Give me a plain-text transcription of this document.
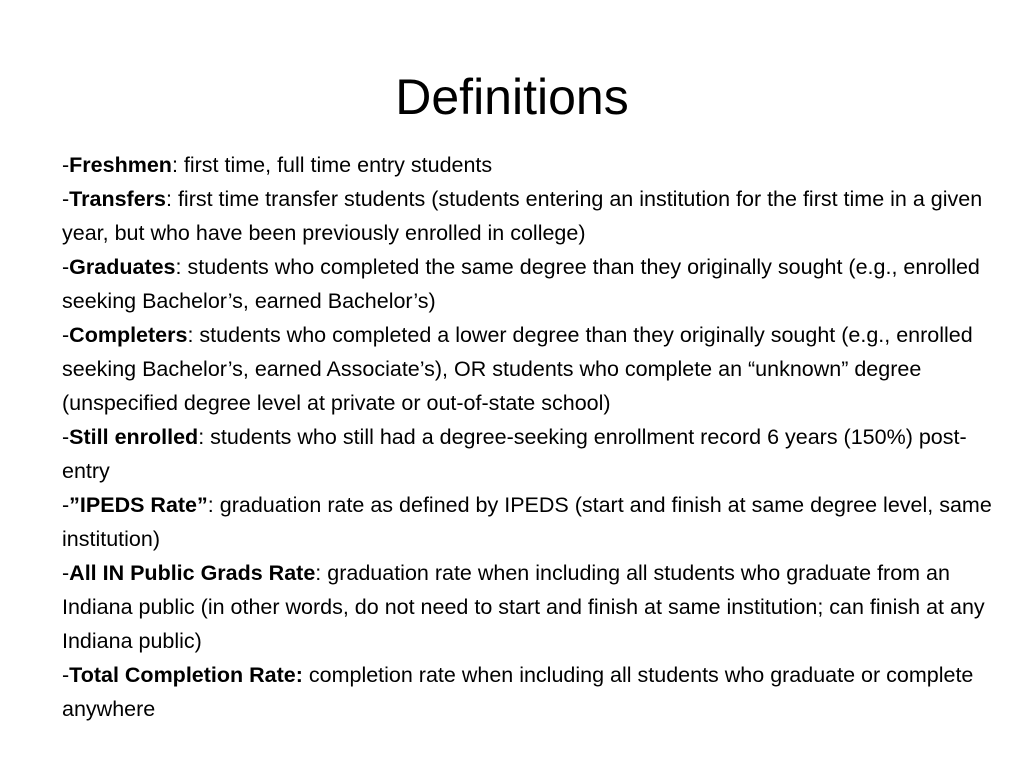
Definitions
-Freshmen: first time, full time entry students
-Transfers: first time transfer students (students entering an institution for the first time in a given year, but who have been previously enrolled in college)
-Graduates: students who completed the same degree than they originally sought (e.g., enrolled seeking Bachelor’s, earned Bachelor’s)
-Completers: students who completed a lower degree than they originally sought (e.g., enrolled seeking Bachelor’s, earned Associate’s), OR students who complete an “unknown” degree (unspecified degree level at private or out-of-state school)
-Still enrolled: students who still had a degree-seeking enrollment record 6 years (150%) post-entry
-”IPEDS Rate”: graduation rate as defined by IPEDS (start and finish at same degree level, same institution)
-All IN Public Grads Rate: graduation rate when including all students who graduate from an Indiana public (in other words, do not need to start and finish at same institution; can finish at any Indiana public)
-Total Completion Rate: completion rate when including all students who graduate or complete anywhere
